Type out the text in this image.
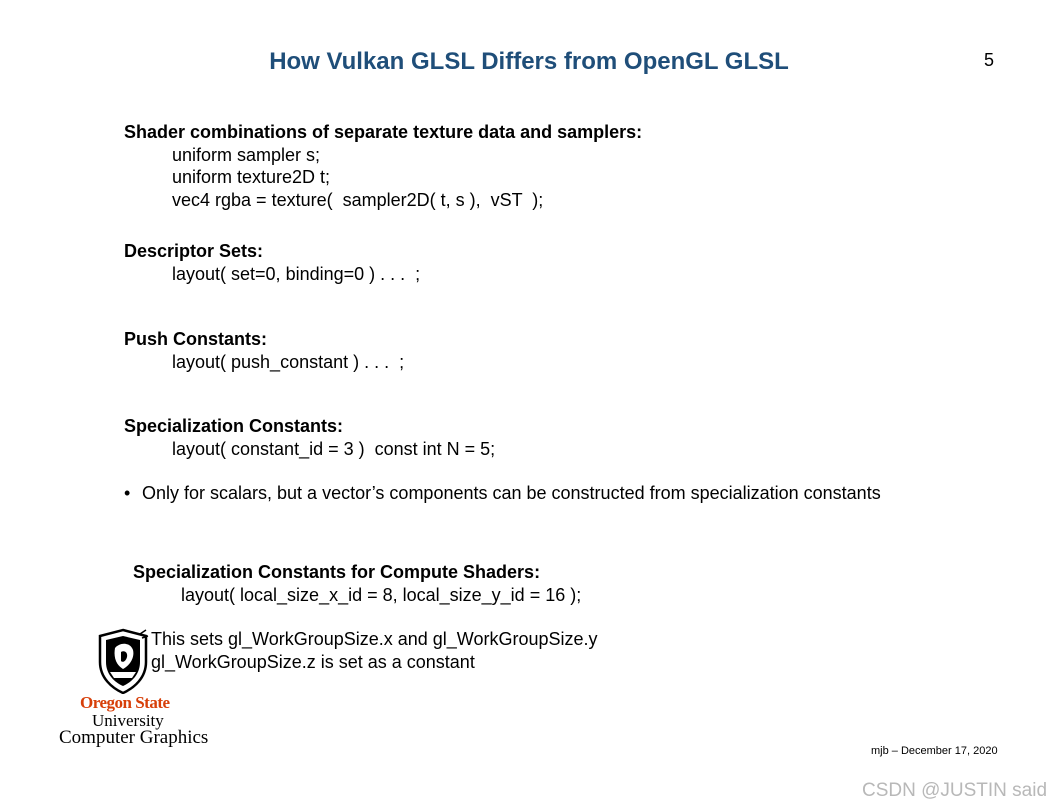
How Vulkan GLSL Differs from OpenGL GLSL	5
Shader combinations of separate texture data and samplers:
uniform sampler s;
uniform texture2D t;
vec4 rgba = texture(  sampler2D( t, s ),  vST  );
Descriptor Sets:
layout( set=0, binding=0 ) . . .  ;
Push Constants:
layout( push_constant ) . . .  ;
Specialization Constants:
layout( constant_id = 3 )  const int N = 5;
• Only for scalars, but a vector’s components can be constructed from specialization constants
Specialization Constants for Compute Shaders:
layout( local_size_x_id = 8, local_size_y_id = 16 );
This sets gl_WorkGroupSize.x and gl_WorkGroupSize.y
gl_WorkGroupSize.z is set as a constant
Oregon State
University
Computer Graphics
mjb – December 17, 2020
CSDN @JUSTIN said
